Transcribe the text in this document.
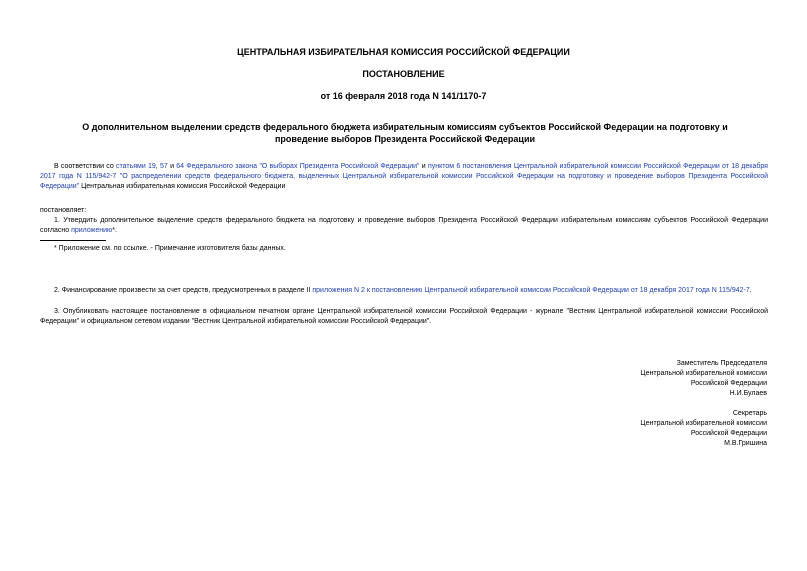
ЦЕНТРАЛЬНАЯ ИЗБИРАТЕЛЬНАЯ КОМИССИЯ РОССИЙСКОЙ ФЕДЕРАЦИИ
ПОСТАНОВЛЕНИЕ
от 16 февраля 2018 года N 141/1170-7
О дополнительном выделении средств федерального бюджета избирательным комиссиям субъектов Российской Федерации на подготовку и проведение выборов Президента Российской Федерации
В соответствии со статьями 19, 57 и 64 Федерального закона "О выборах Президента Российской Федерации" и пунктом 6 постановления Центральной избирательной комиссии Российской Федерации от 18 декабря 2017 года N 115/942-7 "О распределении средств федерального бюджета, выделенных Центральной избирательной комиссии Российской Федерации на подготовку и проведение выборов Президента Российской Федерации" Центральная избирательная комиссия Российской Федерации
постановляет:
1. Утвердить дополнительное выделение средств федерального бюджета на подготовку и проведение выборов Президента Российской Федерации избирательным комиссиям субъектов Российской Федерации согласно приложению*.
* Приложение см. по ссылке. - Примечание изготовителя базы данных.
2. Финансирование произвести за счет средств, предусмотренных в разделе II приложения N 2 к постановлению Центральной избирательной комиссии Российской Федерации от 18 декабря 2017 года N 115/942-7.
3. Опубликовать настоящее постановление в официальном печатном органе Центральной избирательной комиссии Российской Федерации - журнале "Вестник Центральной избирательной комиссии Российской Федерации" и официальном сетевом издании "Вестник Центральной избирательной комиссии Российской Федерации".
Заместитель Председателя
Центральной избирательной комиссии
Российской Федерации
Н.И.Булаев
Секретарь
Центральной избирательной комиссии
Российской Федерации
М.В.Гришина
